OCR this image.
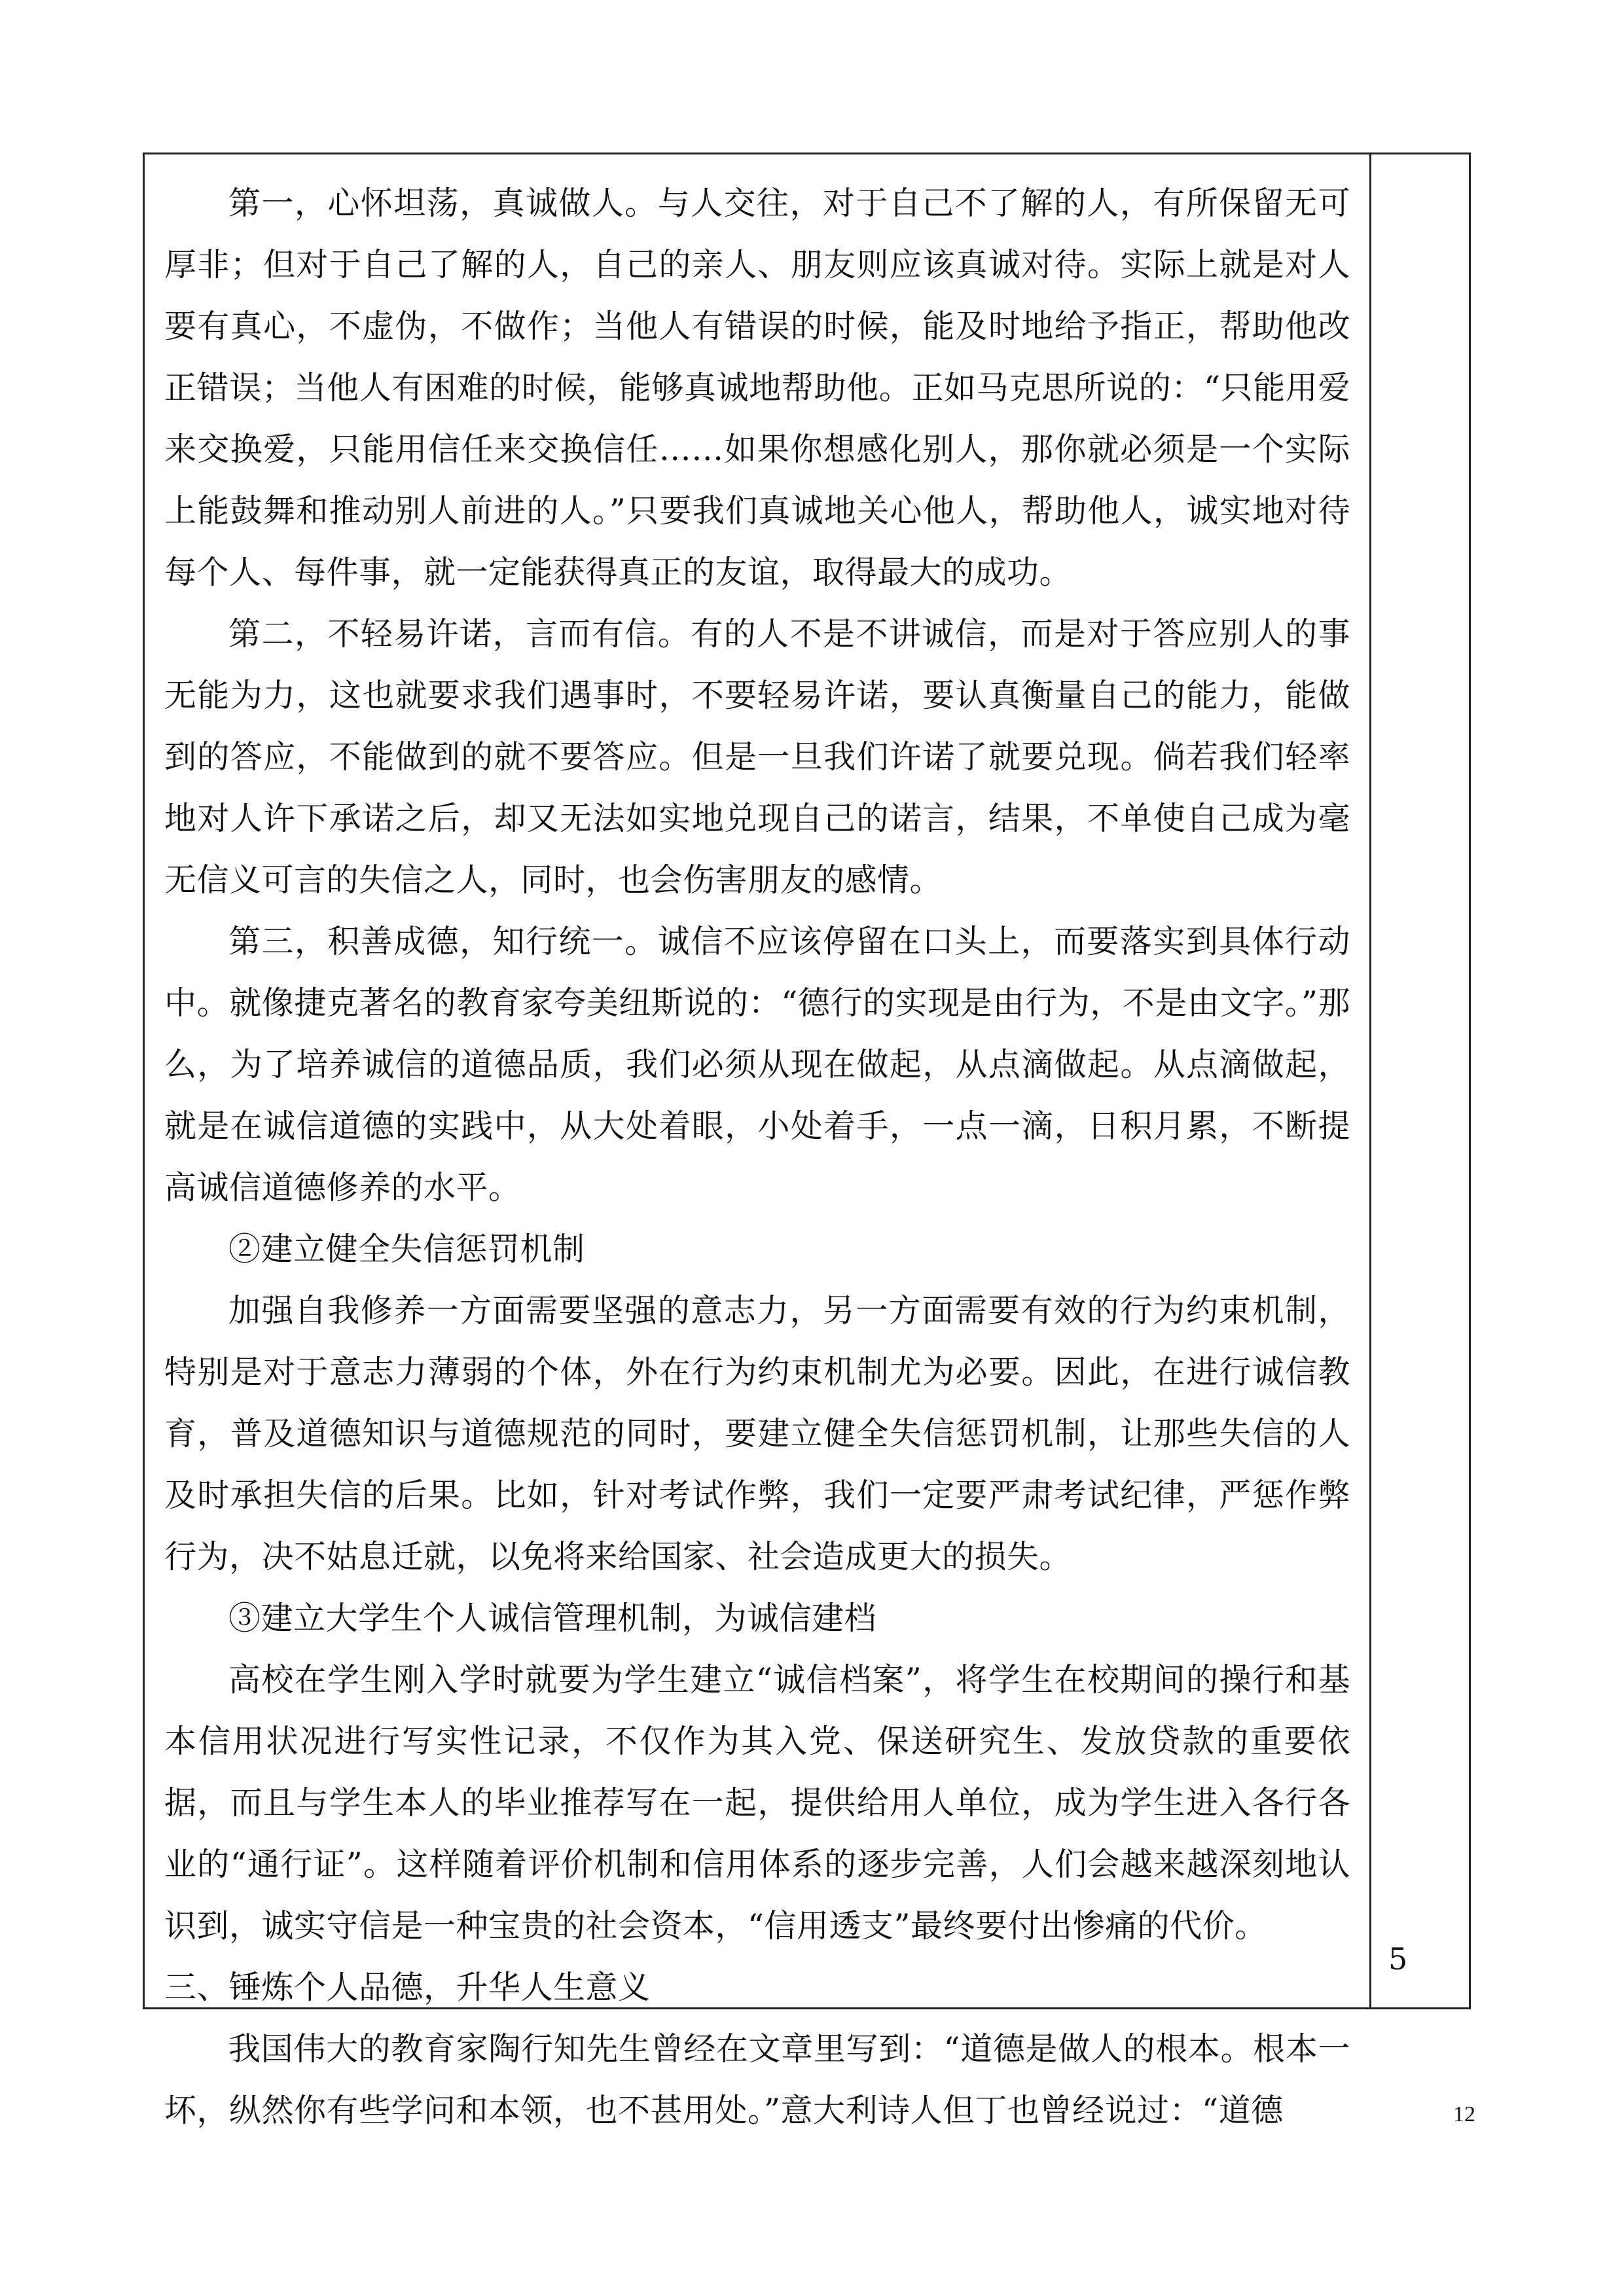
第一，心怀坦荡，真诚做人。与人交往，对于自己不了解的人，有所保留无可厚非；但对于自己了解的人，自己的亲人、朋友则应该真诚对待。实际上就是对人要有真心，不虚伪，不做作；当他人有错误的时候，能及时地给予指正，帮助他改正错误；当他人有困难的时候，能够真诚地帮助他。正如马克思所说的：“只能用爱来交换爱，只能用信任来交换信任……如果你想感化别人，那你就必须是一个实际上能鼓舞和推动别人前进的人。”只要我们真诚地关心他人，帮助他人，诚实地对待每个人、每件事，就一定能获得真正的友谊，取得最大的成功。

第二，不轻易许诺，言而有信。有的人不是不讲诚信，而是对于答应别人的事无能为力，这也就要求我们遇事时，不要轻易许诺，要认真衡量自己的能力，能做到的答应，不能做到的就不要答应。但是一旦我们许诺了就要兑现。倘若我们轻率地对人许下承诺之后，却又无法如实地兑现自己的诺言，结果，不单使自己成为毫无信义可言的失信之人，同时，也会伤害朋友的感情。

第三，积善成德，知行统一。诚信不应该停留在口头上，而要落实到具体行动中。就像捷克著名的教育家夸美纽斯说的：“德行的实现是由行为，不是由文字。”那么，为了培养诚信的道德品质，我们必须从现在做起，从点滴做起。从点滴做起，就是在诚信道德的实践中，从大处着眼，小处着手，一点一滴，日积月累，不断提高诚信道德修养的水平。

②建立健全失信惩罚机制

加强自我修养一方面需要坚强的意志力，另一方面需要有效的行为约束机制，特别是对于意志力薄弱的个体，外在行为约束机制尤为必要。因此，在进行诚信教育，普及道德知识与道德规范的同时，要建立健全失信惩罚机制，让那些失信的人及时承担失信的后果。比如，针对考试作弊，我们一定要严肃考试纪律，严惩作弊行为，决不姑息迁就，以免将来给国家、社会造成更大的损失。

③建立大学生个人诚信管理机制，为诚信建档

高校在学生刚入学时就要为学生建立“诚信档案”，将学生在校期间的操行和基本信用状况进行写实性记录，不仅作为其入党、保送研究生、发放贷款的重要依据，而且与学生本人的毕业推荐写在一起，提供给用人单位，成为学生进入各行各业的“通行证”。这样随着评价机制和信用体系的逐步完善，人们会越来越深刻地认识到，诚实守信是一种宝贵的社会资本，“信用透支”最终要付出惨痛的代价。

三、锤炼个人品德，升华人生意义

我国伟大的教育家陶行知先生曾经在文章里写到：“道德是做人的根本。根本一坏，纵然你有些学问和本领，也不甚用处。”意大利诗人但丁也曾经说过：“道德

5
12
